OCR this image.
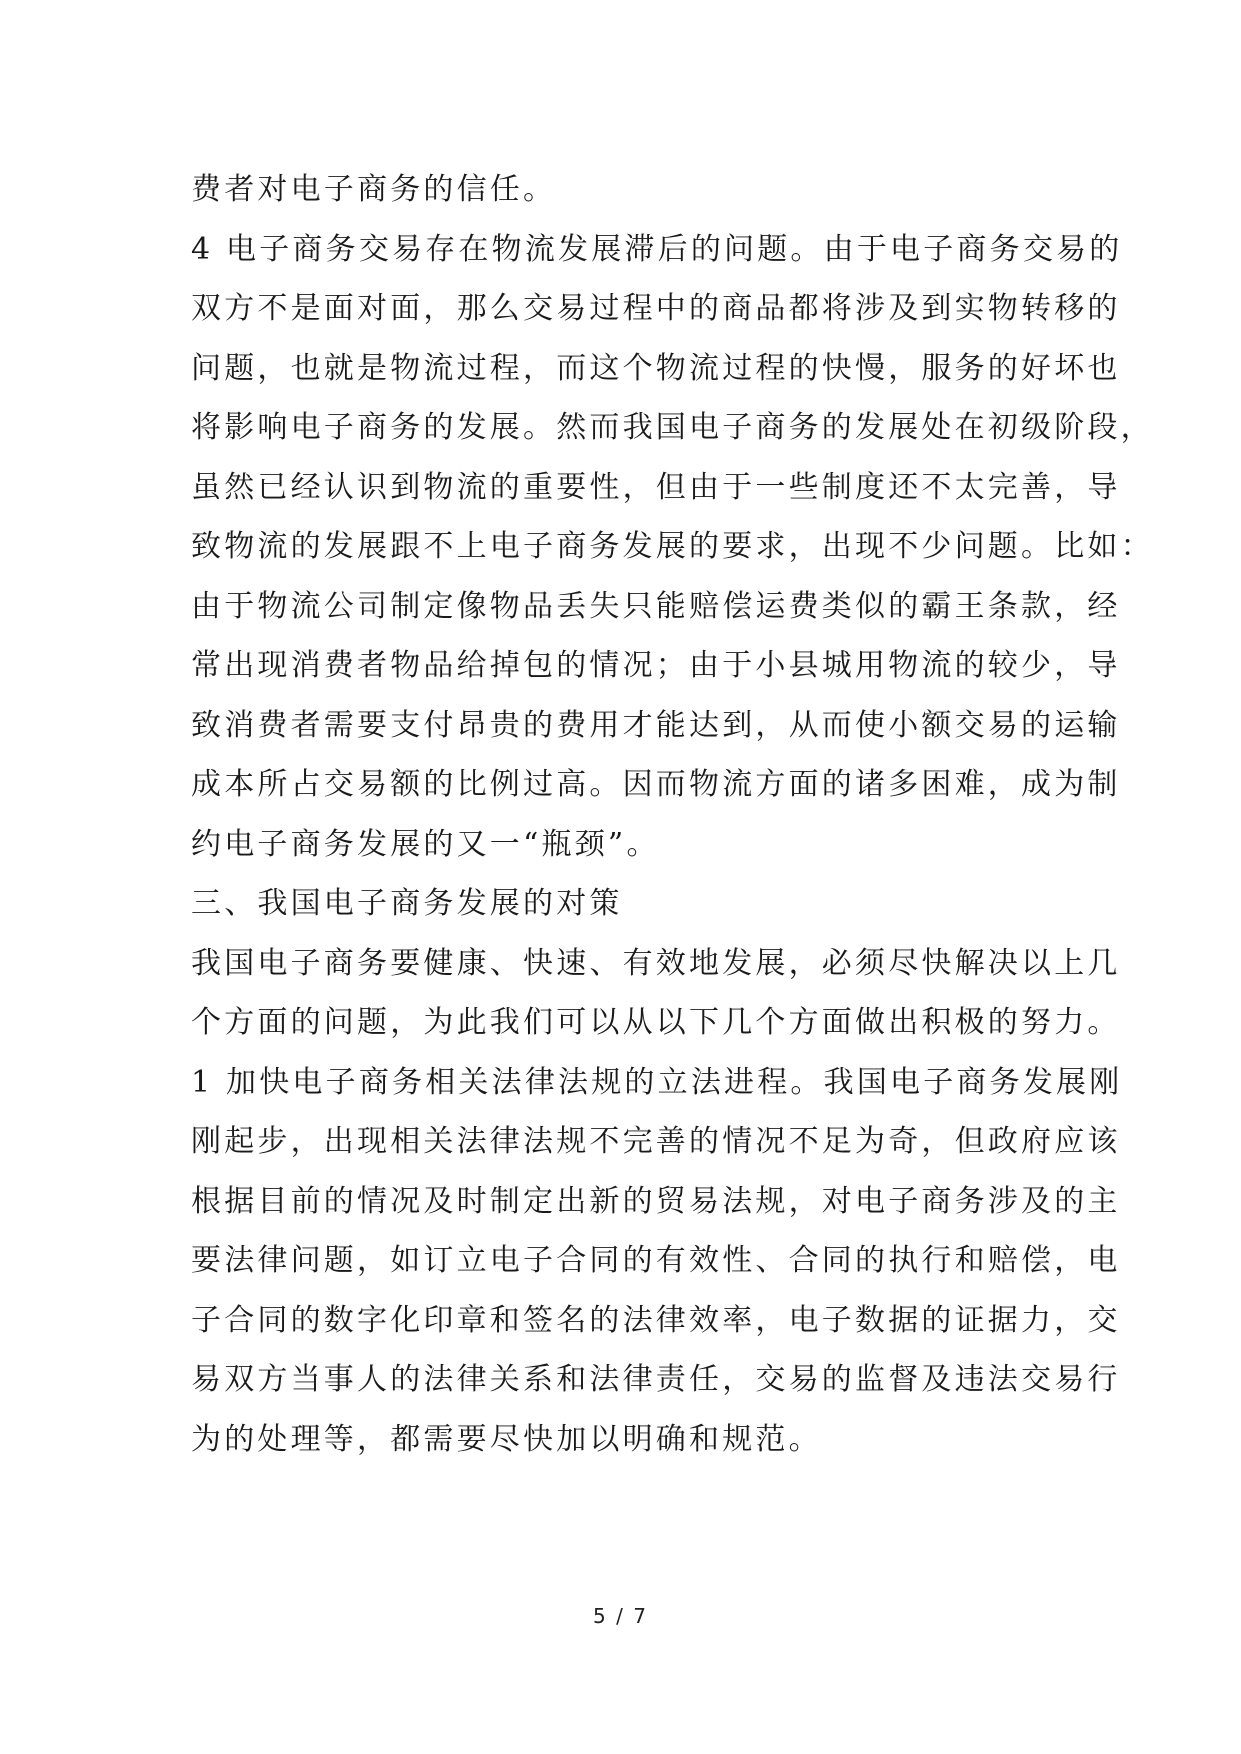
费者对电子商务的信任。
4 电子商务交易存在物流发展滞后的问题。由于电子商务交易的
双方不是面对面，那么交易过程中的商品都将涉及到实物转移的
问题，也就是物流过程，而这个物流过程的快慢，服务的好坏也
将影响电子商务的发展。然而我国电子商务的发展处在初级阶段，
虽然已经认识到物流的重要性，但由于一些制度还不太完善，导
致物流的发展跟不上电子商务发展的要求，出现不少问题。比如：
由于物流公司制定像物品丢失只能赔偿运费类似的霸王条款，经
常出现消费者物品给掉包的情况；由于小县城用物流的较少，导
致消费者需要支付昂贵的费用才能达到，从而使小额交易的运输
成本所占交易额的比例过高。因而物流方面的诸多困难，成为制
约电子商务发展的又一“瓶颈”。
三、我国电子商务发展的对策
我国电子商务要健康、快速、有效地发展，必须尽快解决以上几
个方面的问题，为此我们可以从以下几个方面做出积极的努力。
1 加快电子商务相关法律法规的立法进程。我国电子商务发展刚
刚起步，出现相关法律法规不完善的情况不足为奇，但政府应该
根据目前的情况及时制定出新的贸易法规，对电子商务涉及的主
要法律问题，如订立电子合同的有效性、合同的执行和赔偿，电
子合同的数字化印章和签名的法律效率，电子数据的证据力，交
易双方当事人的法律关系和法律责任，交易的监督及违法交易行
为的处理等，都需要尽快加以明确和规范。
5 / 7
